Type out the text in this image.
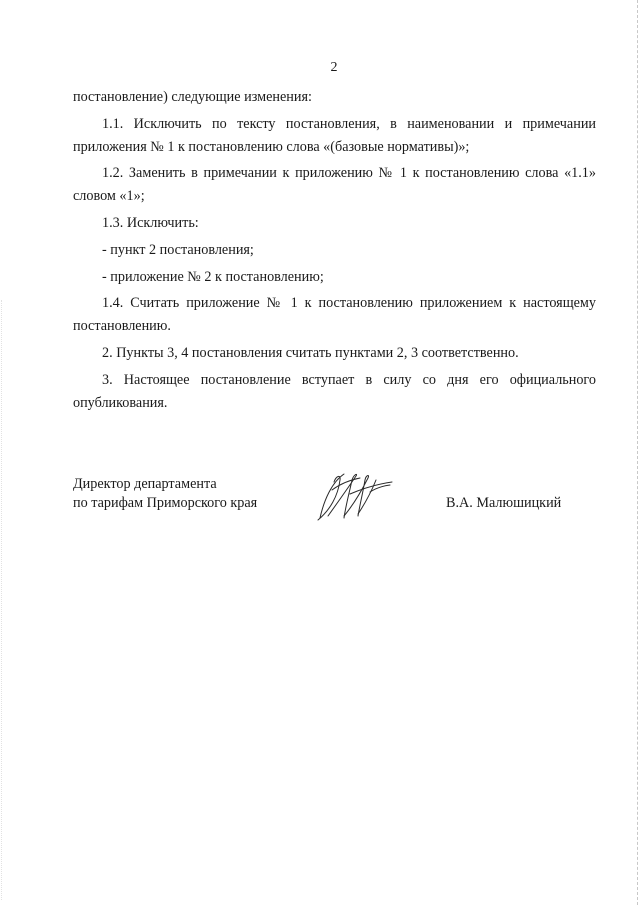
2

постановление) следующие изменения:

1.1. Исключить по тексту постановления, в наименовании и примечании приложения № 1 к постановлению слова «(базовые нормативы)»;

1.2. Заменить в примечании к приложению № 1 к постановлению слова «1.1» словом «1»;

1.3. Исключить:

- пункт 2 постановления;

- приложение № 2 к постановлению;

1.4. Считать приложение № 1 к постановлению приложением к настоящему постановлению.

2. Пункты 3, 4 постановления считать пунктами 2, 3 соответственно.

3. Настоящее постановление вступает в силу со дня его официального опубликования.

Директор департамента
по тарифам Приморского края	В.А. Малюшицкий
